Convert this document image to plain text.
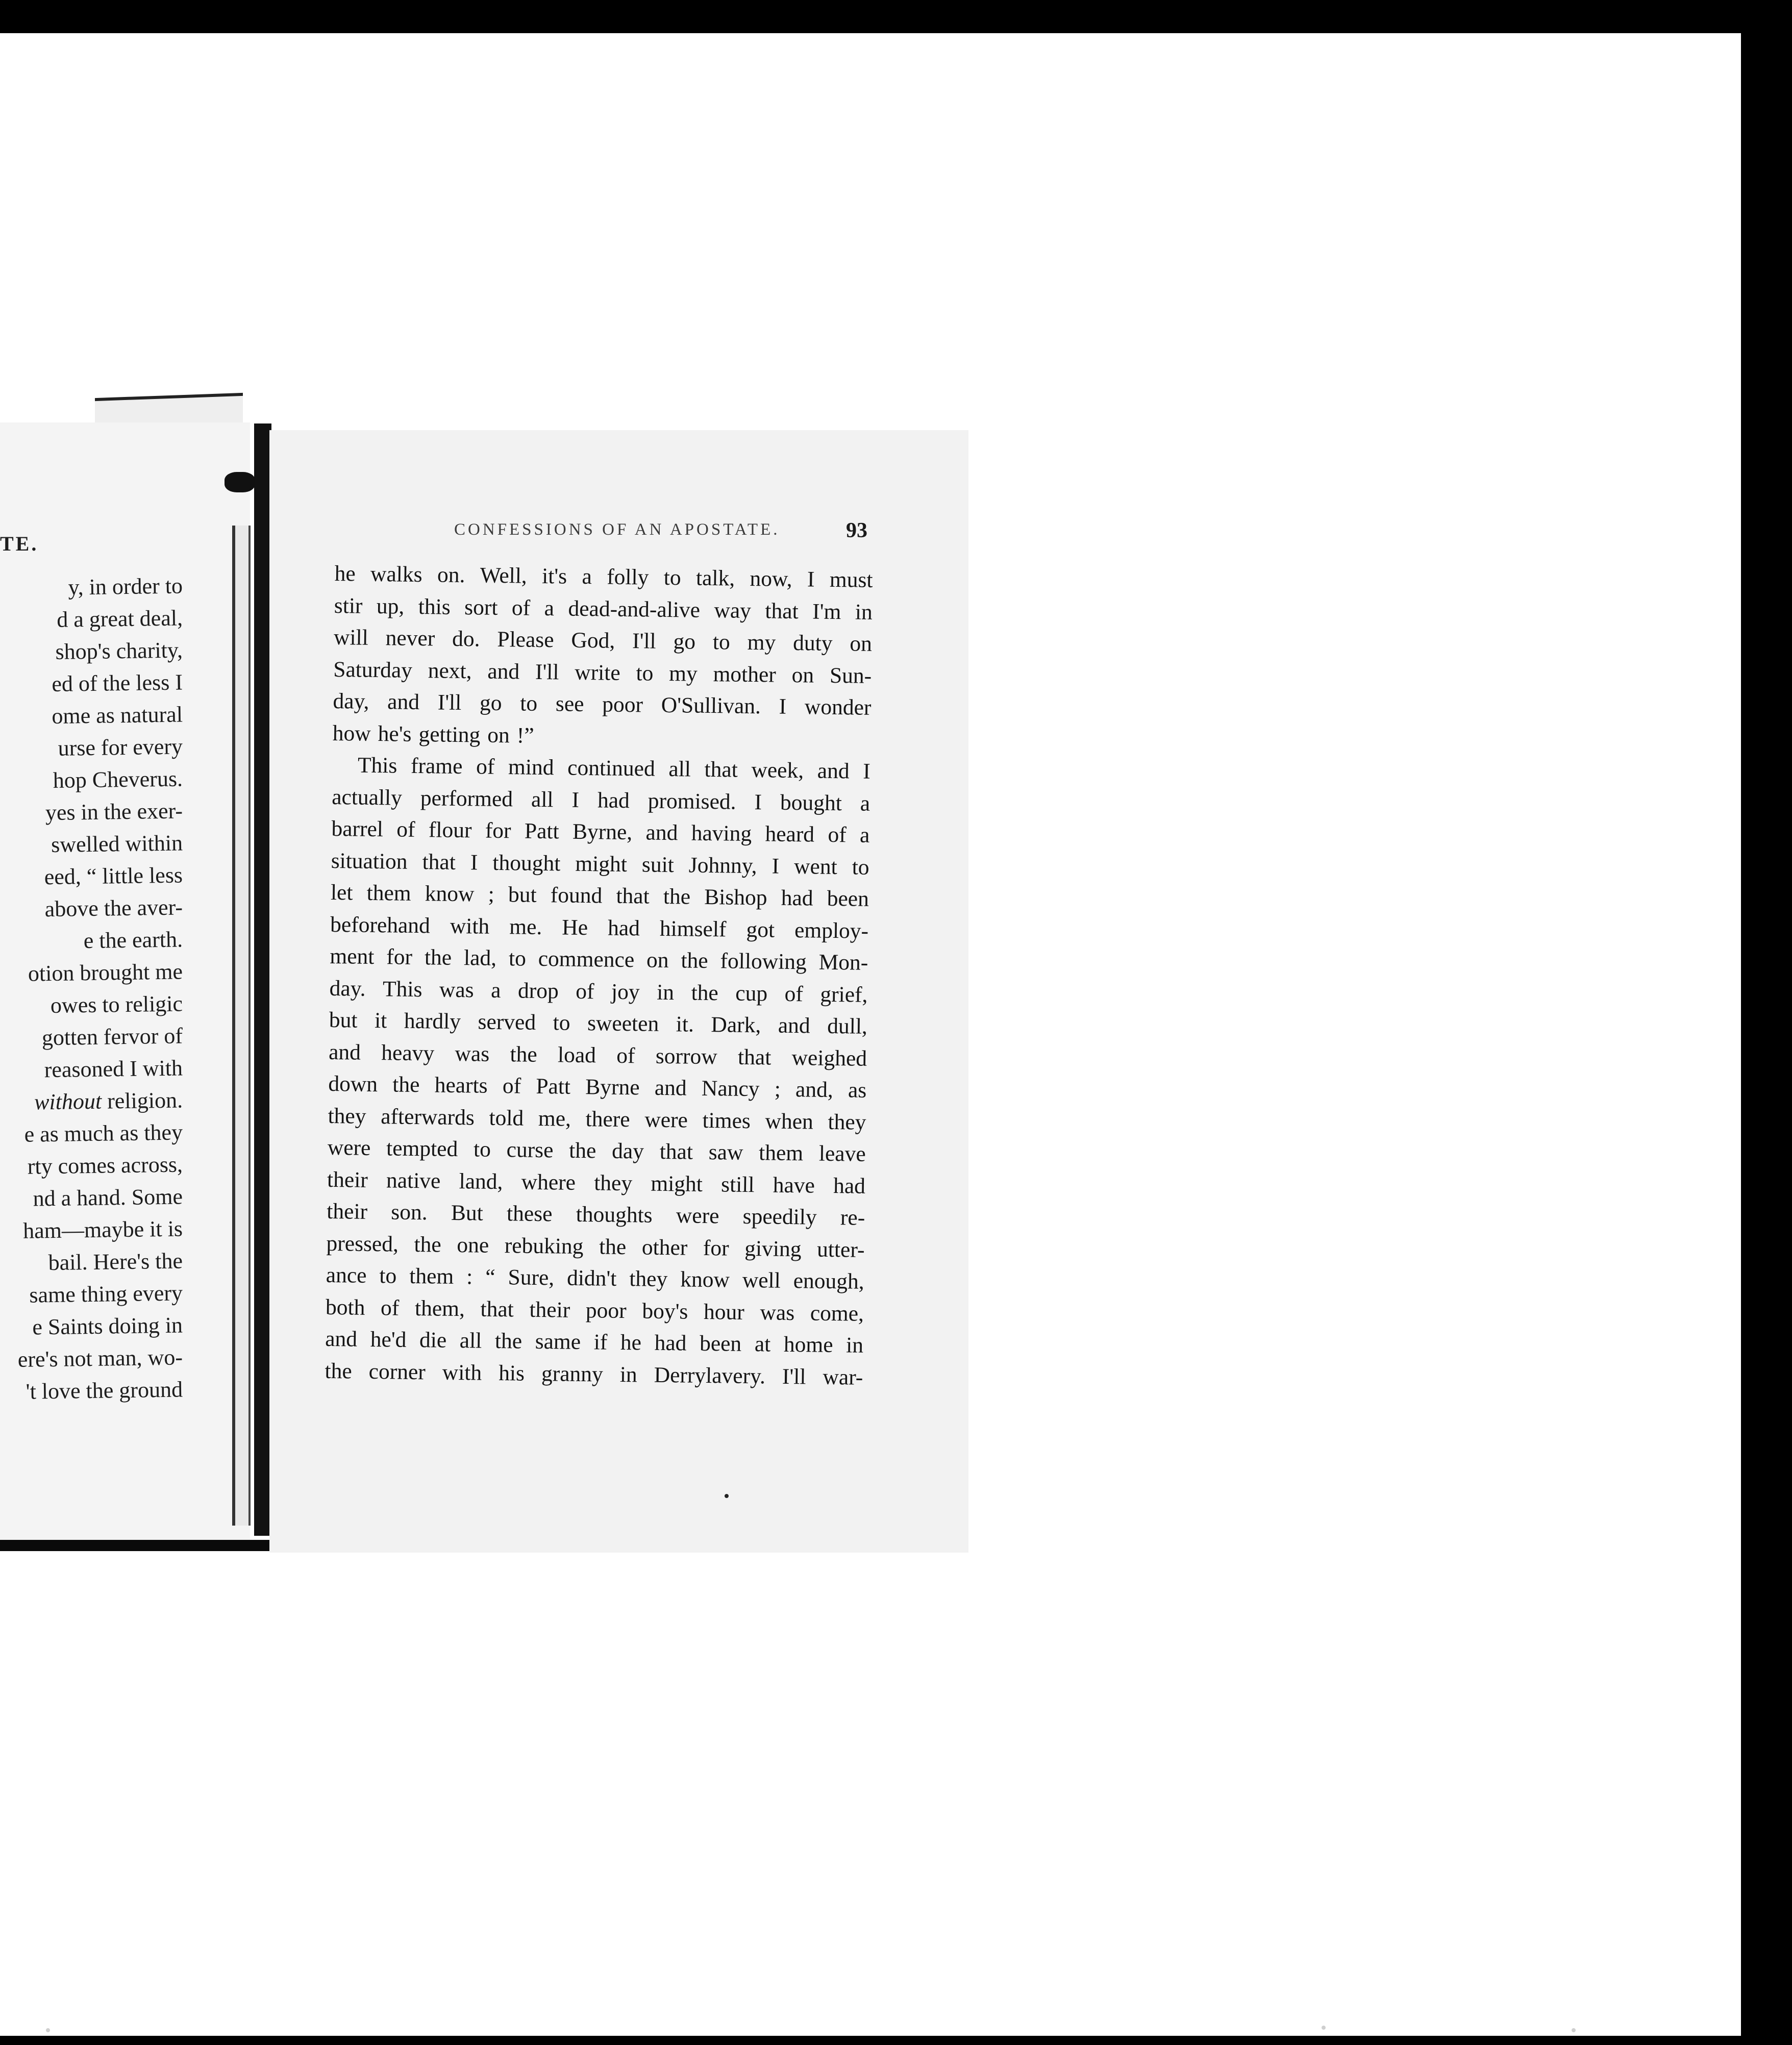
TE.
y, in order to
d a great deal,
shop's charity,
ed of the less I
ome as natural
urse for every
hop Cheverus.
yes in the exer-
swelled within
eed, “ little less
above the aver-
e the earth.
otion brought me
owes to religic
gotten fervor of
reasoned I with
without religion.
e as much as they
rty comes across,
nd a hand. Some
ham—maybe it is
bail. Here's the
same thing every
e Saints doing in
ere's not man, wo-
't love the ground
CONFESSIONS OF AN APOSTATE.	93
he walks on. Well, it's a folly to talk, now, I must
stir up, this sort of a dead-and-alive way that I'm in
will never do. Please God, I'll go to my duty on
Saturday next, and I'll write to my mother on Sun-
day, and I'll go to see poor O'Sullivan. I wonder
how he's getting on !”
This frame of mind continued all that week, and I
actually performed all I had promised. I bought a
barrel of flour for Patt Byrne, and having heard of a
situation that I thought might suit Johnny, I went to
let them know ; but found that the Bishop had been
beforehand with me. He had himself got employ-
ment for the lad, to commence on the following Mon-
day. This was a drop of joy in the cup of grief,
but it hardly served to sweeten it. Dark, and dull,
and heavy was the load of sorrow that weighed
down the hearts of Patt Byrne and Nancy ; and, as
they afterwards told me, there were times when they
were tempted to curse the day that saw them leave
their native land, where they might still have had
their son. But these thoughts were speedily re-
pressed, the one rebuking the other for giving utter-
ance to them : “ Sure, didn't they know well enough,
both of them, that their poor boy's hour was come,
and he'd die all the same if he had been at home in
the corner with his granny in Derrylavery. I'll war-
